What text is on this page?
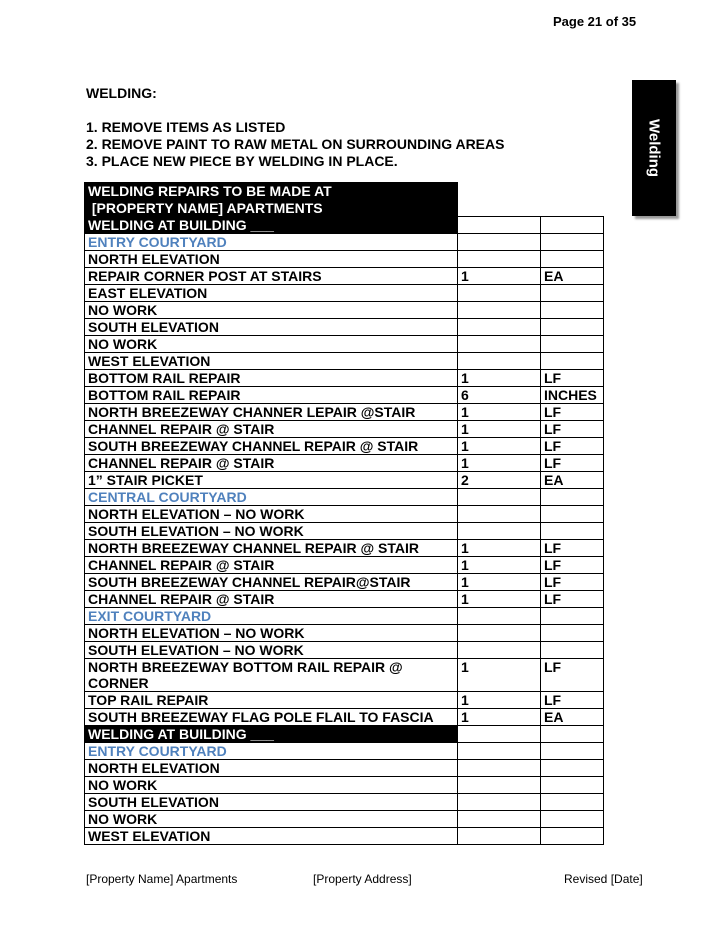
Page 21 of 35
Welding
WELDING:
1. REMOVE ITEMS AS LISTED
2. REMOVE PAINT TO RAW METAL ON SURROUNDING AREAS
3. PLACE NEW PIECE BY WELDING IN PLACE.
WELDING REPAIRS TO BE MADE AT		
[PROPERTY NAME] APARTMENTS		
WELDING AT BUILDING ___		
ENTRY COURTYARD		
NORTH ELEVATION		
REPAIR CORNER POST AT STAIRS	1	EA
EAST ELEVATION		
NO WORK		
SOUTH ELEVATION		
NO WORK		
WEST ELEVATION		
BOTTOM RAIL REPAIR	1	LF
BOTTOM RAIL REPAIR	6	INCHES
NORTH BREEZEWAY CHANNER LEPAIR @STAIR	1	LF
CHANNEL REPAIR @ STAIR	1	LF
SOUTH BREEZEWAY CHANNEL REPAIR @ STAIR	1	LF
CHANNEL REPAIR @ STAIR	1	LF
1” STAIR PICKET	2	EA
CENTRAL COURTYARD		
NORTH ELEVATION – NO WORK		
SOUTH ELEVATION – NO WORK		
NORTH BREEZEWAY CHANNEL REPAIR @ STAIR	1	LF
CHANNEL REPAIR @ STAIR	1	LF
SOUTH BREEZEWAY CHANNEL REPAIR@STAIR	1	LF
CHANNEL REPAIR @ STAIR	1	LF
EXIT COURTYARD		
NORTH ELEVATION – NO WORK		
SOUTH ELEVATION – NO WORK		
NORTH BREEZEWAY BOTTOM RAIL REPAIR @ CORNER	1	LF
TOP RAIL REPAIR	1	LF
SOUTH BREEZEWAY FLAG POLE FLAIL TO FASCIA	1	EA
WELDING AT BUILDING ___		
ENTRY COURTYARD		
NORTH ELEVATION		
NO WORK		
SOUTH ELEVATION		
NO WORK		
WEST ELEVATION		
[Property Name] Apartments	[Property Address]	Revised [Date]
